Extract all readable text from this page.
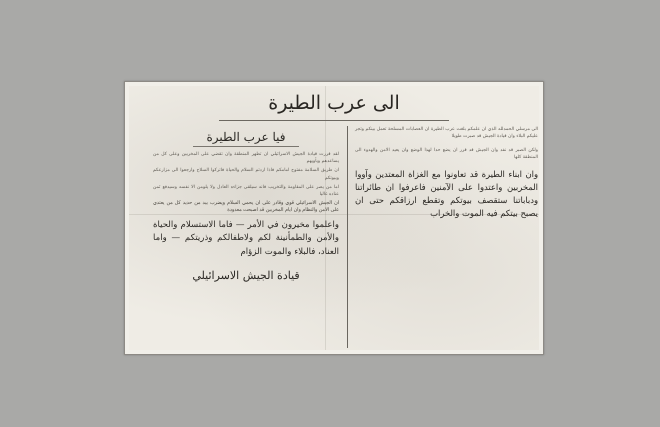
الى عرب الطيرة
فيا عرب الطيرة

لقد قررت قيادة الجيش الاسرائيلي ان تطهر المنطقة وان تقضي على المخربين وعلى كل من يساعدهم ويأويهم

ان طريق السلامة مفتوح امامكم فاذا اردتم السلام والحياة فاتركوا السلاح وارجعوا الى مزارعكم وبيوتكم

اما من يصر على المقاومة والتخريب فانه سيلقى جزاءه العادل ولا يلومن الا نفسه وسيدفع ثمن عناده غاليا

ان الجيش الاسرائيلي قوي وقادر على ان يحمي السلام ويضرب بيد من حديد كل من يعتدي على الامن والنظام وان ايام المخربين قد اصبحت معدودة

واعلموا مخيرون في الأمر — فاما الاستسلام والحياة والأمن والطمأنينة لكم ولاطفالكم وذريتكم — واما العناد، فالبلاء والموت الزؤام

قيادة الجيش الاسرائيلي

الى مرسلي الحمدلله الذي ان علمكم بلغت عرب الطيرة ان العصابات المسلحة تعمل بينكم وتجر عليكم البلاء وان قيادة الجيش قد صبرت طويلا

ولكن الصبر قد نفد وان الجيش قد قرر ان يضع حدا لهذا الوضع وان يعيد الامن والهدوء الى المنطقة كلها

وان ابناء الطيرة قد تعاونوا مع الغزاة المعتدين وآووا المخربين واعتدوا على الآمنين فاعرفوا ان طائراتنا ودباباتنا ستقصف بيوتكم وتقطع ارزاقكم حتى ان يصبح بيتكم فيه الموت والخراب
